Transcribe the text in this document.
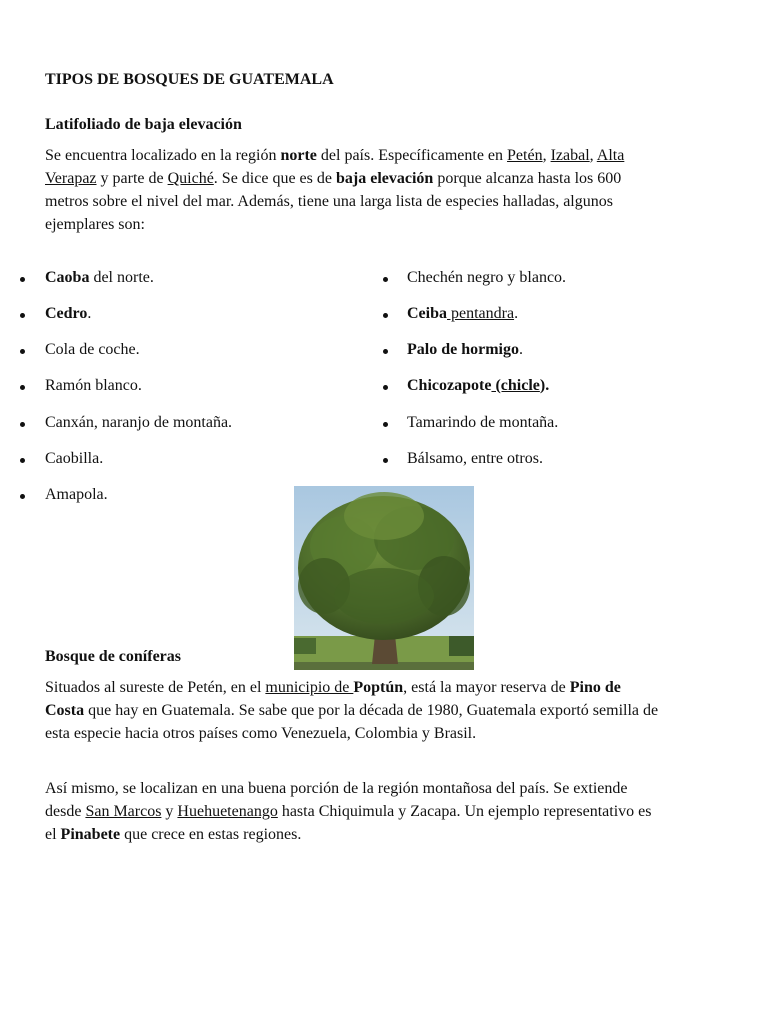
TIPOS DE BOSQUES DE GUATEMALA
Latifoliado de baja elevación
Se encuentra localizado en la región norte del país. Específicamente en Petén, Izabal, Alta
Verapaz y parte de Quiché. Se dice que es de baja elevación porque alcanza hasta los 600
metros sobre el nivel del mar. Además, tiene una larga lista de especies halladas, algunos
ejemplares son:
Caoba del norte.
Cedro.
Cola de coche.
Ramón blanco.
Canxán, naranjo de montaña.
Caobilla.
Amapola.
Chechén negro y blanco.
Ceiba pentandra.
Palo de hormigo.
Chicozapote (chicle).
Tamarindo de montaña.
Bálsamo, entre otros.
Bosque de coníferas
Situados al sureste de Petén, en el municipio de Poptún, está la mayor reserva de Pino de
Costa que hay en Guatemala. Se sabe que por la década de 1980, Guatemala exportó semilla de
esta especie hacia otros países como Venezuela, Colombia y Brasil.
Así mismo, se localizan en una buena porción de la región montañosa del país. Se extiende
desde San Marcos y Huehuetenango hasta Chiquimula y Zacapa. Un ejemplo representativo es
el Pinabete que crece en estas regiones.
